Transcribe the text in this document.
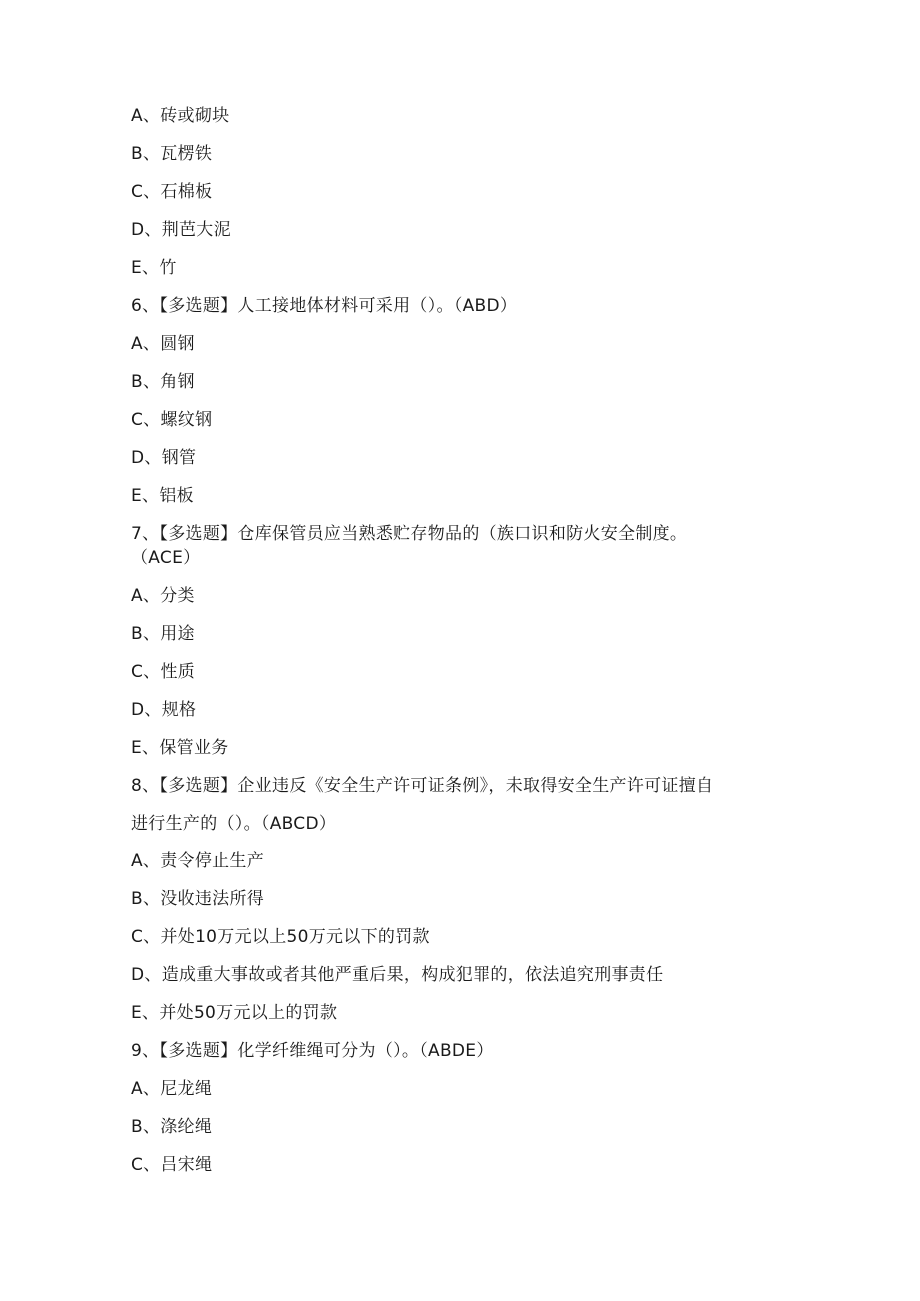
A、砖或砌块
B、瓦楞铁
C、石棉板
D、荆芭大泥
E、竹
6、【多选题】人工接地体材料可采用（）。（ABD）
A、圆钢
B、角钢
C、螺纹钢
D、钢管
E、铝板
7、【多选题】仓库保管员应当熟悉贮存物品的（族口识和防火安全制度。
（ACE）
A、分类
B、用途
C、性质
D、规格
E、保管业务
8、【多选题】企业违反《安全生产许可证条例》，未取得安全生产许可证擅自
进行生产的（）。（ABCD）
A、责令停止生产
B、没收违法所得
C、并处10万元以上50万元以下的罚款
D、造成重大事故或者其他严重后果，构成犯罪的，依法追究刑事责任
E、并处50万元以上的罚款
9、【多选题】化学纤维绳可分为（）。（ABDE）
A、尼龙绳
B、涤纶绳
C、吕宋绳
